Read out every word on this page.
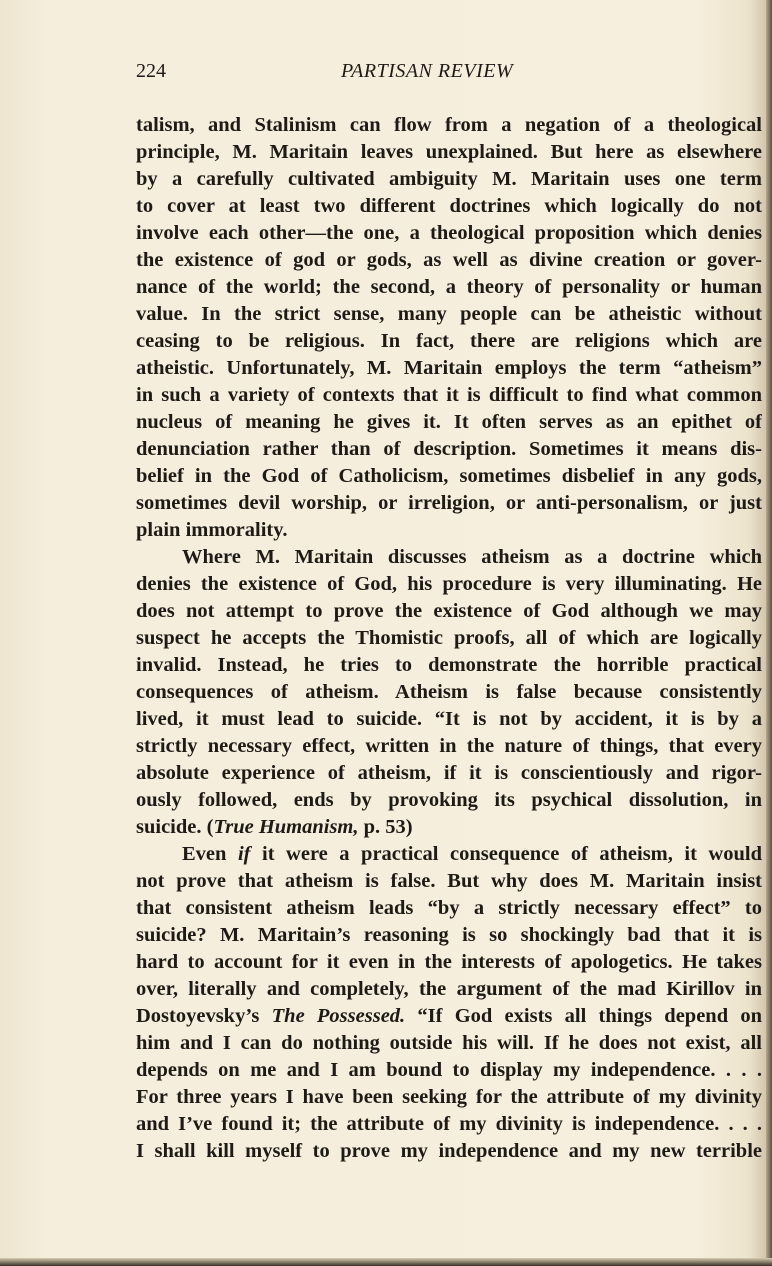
224	PARTISAN REVIEW
talism, and Stalinism can flow from a negation of a theological
principle, M. Maritain leaves unexplained. But here as elsewhere
by a carefully cultivated ambiguity M. Maritain uses one term
to cover at least two different doctrines which logically do not
involve each other—the one, a theological proposition which denies
the existence of god or gods, as well as divine creation or gover-
nance of the world; the second, a theory of personality or human
value. In the strict sense, many people can be atheistic without
ceasing to be religious. In fact, there are religions which are
atheistic. Unfortunately, M. Maritain employs the term “atheism”
in such a variety of contexts that it is difficult to find what common
nucleus of meaning he gives it. It often serves as an epithet of
denunciation rather than of description. Sometimes it means dis-
belief in the God of Catholicism, sometimes disbelief in any gods,
sometimes devil worship, or irreligion, or anti-personalism, or just
plain immorality.
Where M. Maritain discusses atheism as a doctrine which
denies the existence of God, his procedure is very illuminating. He
does not attempt to prove the existence of God although we may
suspect he accepts the Thomistic proofs, all of which are logically
invalid. Instead, he tries to demonstrate the horrible practical
consequences of atheism. Atheism is false because consistently
lived, it must lead to suicide. “It is not by accident, it is by a
strictly necessary effect, written in the nature of things, that every
absolute experience of atheism, if it is conscientiously and rigor-
ously followed, ends by provoking its psychical dissolution, in
suicide. (True Humanism, p. 53)
Even if it were a practical consequence of atheism, it would
not prove that atheism is false. But why does M. Maritain insist
that consistent atheism leads “by a strictly necessary effect” to
suicide? M. Maritain’s reasoning is so shockingly bad that it is
hard to account for it even in the interests of apologetics. He takes
over, literally and completely, the argument of the mad Kirillov in
Dostoyevsky’s The Possessed. “If God exists all things depend on
him and I can do nothing outside his will. If he does not exist, all
depends on me and I am bound to display my independence. . . .
For three years I have been seeking for the attribute of my divinity
and I’ve found it; the attribute of my divinity is independence. . . .
I shall kill myself to prove my independence and my new terrible
